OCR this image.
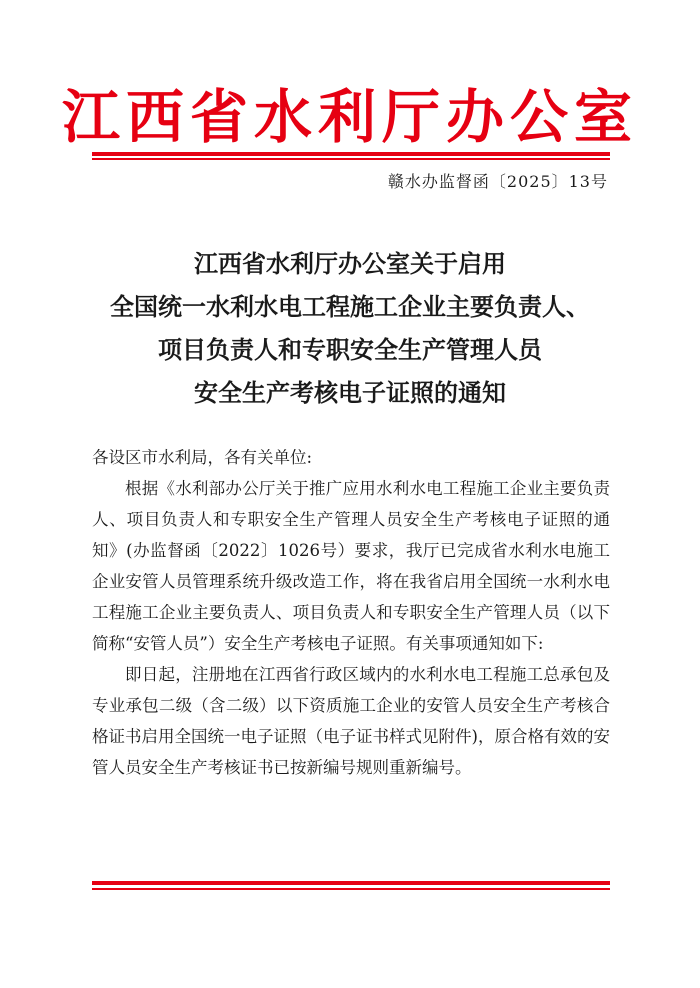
江西省水利厅办公室
赣水办监督函〔2025〕13号
江西省水利厅办公室关于启用
全国统一水利水电工程施工企业主要负责人、
项目负责人和专职安全生产管理人员
安全生产考核电子证照的通知

各设区市水利局，各有关单位:

根据《水利部办公厅关于推广应用水利水电工程施工企业主要负责人、项目负责人和专职安全生产管理人员安全生产考核电子证照的通知》(办监督函〔2022〕1026号）要求，我厅已完成省水利水电施工企业安管人员管理系统升级改造工作，将在我省启用全国统一水利水电工程施工企业主要负责人、项目负责人和专职安全生产管理人员（以下简称“安管人员”）安全生产考核电子证照。有关事项通知如下:

即日起，注册地在江西省行政区域内的水利水电工程施工总承包及专业承包二级（含二级）以下资质施工企业的安管人员安全生产考核合格证书启用全国统一电子证照（电子证书样式见附件)，原合格有效的安管人员安全生产考核证书已按新编号规则重新编号。
